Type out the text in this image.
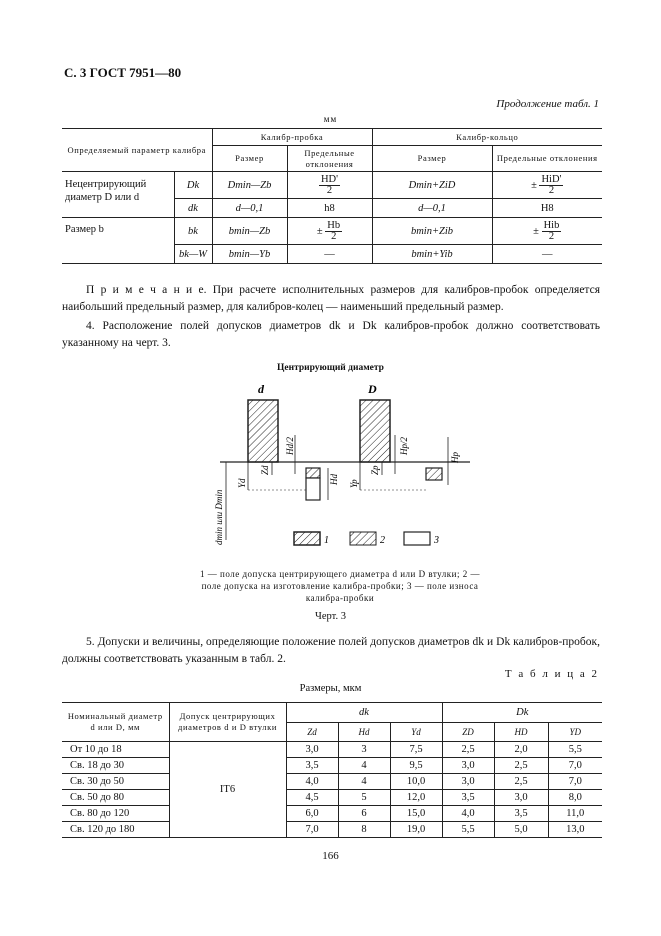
С. 3 ГОСТ 7951—80
Продолжение табл. 1
мм
Определяемый параметр калибра		Калибр-пробка		Калибр-кольцо	
		Размер	Предельные отклонения	Размер	Предельные отклонения
Нецентрирующий диаметр D или d	Dk	Dmin—Zb	$\frac{HD'}{2}$	Dmin+ZiD	± $\frac{\text{HiD'}}{2}$

	dk	d—0,1	h8	d—0,1	H8
Размер b	bk	bmin—Zb	± $\frac{Hb}{2}$	bmin+Zib	± $\frac{\text{Hib}}{2}$

	bk—W	bmin—Yb	—	bmin+Yib	—
П р и м е ч а н и е. При расчете исполнительных размеров для калибров-пробок определяется наибольший предельный размер, для калибров-колец — наименьший предельный размер.
4. Расположение полей допусков диаметров dk и Dk калибров-пробок должно соответствовать указанному на черт. 3.
Центрирующий диаметр
d	D
Hd/2
Zd
Hd
Yd
Hp/2
Zp
Hp
Yp
dmin или Dmin	1	2	3
1 — поле допуска центрирующего диаметра d или D втулки; 2 — поле допуска на изготовление калибра-пробки; 3 — поле износа калибра-пробки
Черт. 3
5. Допуски и величины, определяющие положение полей допусков диаметров dk и Dk калибров-пробок, должны соответствовать указанным в табл. 2.
Т а б л и ц а 2
Размеры, мкм
Номинальный диаметр d или D, мм	Допуск центрирующих диаметров d и D втулки	dk			Dk		
		Zd	Hd	Yd	ZD	HD	YD
От 10 до 18	IT6	3,0	3	7,5	2,5	2,0	5,5
Св. 18 до 30		3,5	4	9,5	3,0	2,5	7,0
Св. 30 до 50		4,0	4	10,0	3,0	2,5	7,0
Св. 50 до 80		4,5	5	12,0	3,5	3,0	8,0
Св. 80 до 120		6,0	6	15,0	4,0	3,5	11,0
Св. 120 до 180		7,0	8	19,0	5,5	5,0	13,0
166
